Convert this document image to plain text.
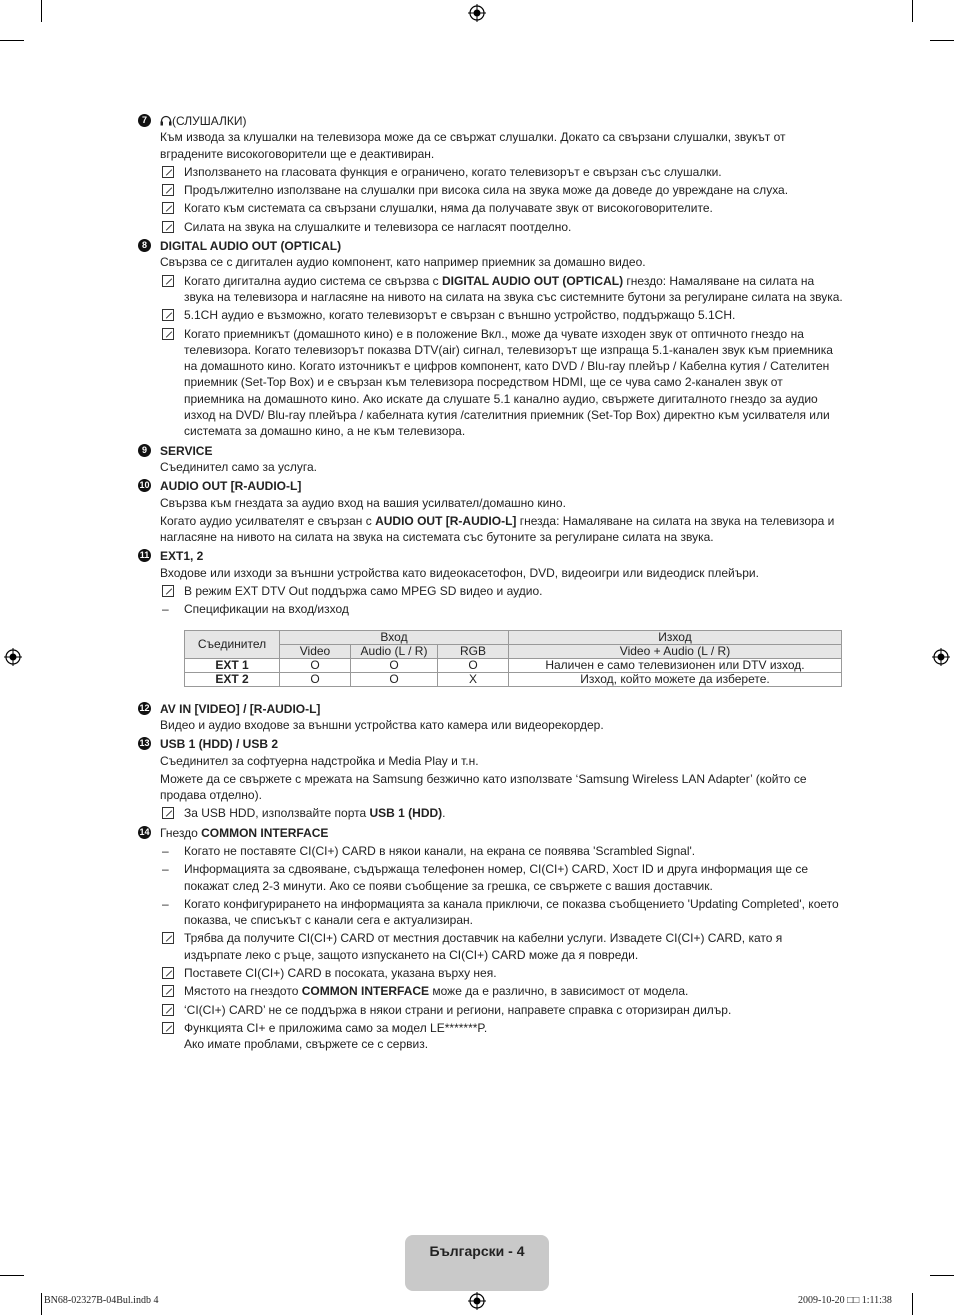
7	(СЛУШАЛКИ)
Към извода за клушалки на телевизора може да се свържат слушалки. Докато са свързани слушалки, звукът от вградените високоговорители ще е деактивиран.
Използването на гласовата функция е ограничено, когато телевизорът е свързан със слушалки.
Продължително използване на слушалки при висока сила на звука може да доведе до увреждане на слуха.
Когато към системата са свързани слушалки, няма да получавате звук от високоговорителите.
Силата на звука на слушалките и телевизора се нагласят поотделно.
8	DIGITAL AUDIO OUT (OPTICAL)
Свързва се с дигитален аудио компонент, като например приемник за домашно видео.
Когато дигитална аудио система се свързва с DIGITAL AUDIO OUT (OPTICAL) гнездо: Намаляване на силата на звука на телевизора и нагласяне на нивото на силата на звука със системните бутони за регулиране силата на звука.
5.1CH аудио е възможно, когато телевизорът е свързан с външно устройство, поддържащо 5.1CH.
Когато приемникът (домашното кино) е в положение Вкл., може да чувате изходен звук от оптичното гнездо на телевизора. Когато телевизорът показва DTV(air) сигнал, телевизорът ще изпраща 5.1-канален звук към приемника на домашното кино. Когато източникът е цифров компонент, като DVD / Blu-ray плейър / Кабелна кутия / Сателитен приемник (Set-Top Box) и е свързан към телевизора посредством HDMI, ще се чува само 2-канален звук от приемника на домашното кино. Ако искате да слушате 5.1 канално аудио, свържете дигиталното гнездо за аудио изход на DVD/ Blu-ray плейъра / кабелната кутия /сателитния приемник (Set-Top Box) директно към усилвателя или системата за домашно кино, а не към телевизора.
9	SERVICE
Съединител само за услуга.
10 AUDIO OUT [R-AUDIO-L]
Свързва към гнездата за аудио вход на вашия усилвател/домашно кино.
Когато аудио усилвателят е свързан с AUDIO OUT [R-AUDIO-L] гнезда: Намаляване на силата на звука на телевизора и нагласяне на нивото на силата на звука на системата със бутоните за регулиране силата на звука.
11 EXT1, 2
Входове или изходи за външни устройства като видеокасетофон, DVD, видеоигри или видеодиск плейъри.
В режим EXT DTV Out поддържа само MPEG SD видео и аудио.
– Спецификации на вход/изход
Съединител	Вход			Изход
	Video	Audio (L / R)	RGB	Video + Audio (L / R)
EXT 1	O	O	O	Наличен е само телевизионен или DTV изход.
EXT 2	O	O	X	Изход, който можете да изберете.
12 AV IN [VIDEO] / [R-AUDIO-L]
Видео и аудио входове за външни устройства като камера или видеорекордер.
13 USB 1 (HDD) / USB 2
Съединител за софтуерна надстройка и Media Play и т.н.
Можете да се свържете с мрежата на Samsung безжично като използвате ‘Samsung Wireless LAN Adapter’ (който се продава отделно).
За USB HDD, използвайте порта USB 1 (HDD).
14 Гнездо COMMON INTERFACE
– Когато не поставяте CI(CI+) CARD в някои канали, на екрана се появява 'Scrambled Signal'.
– Информацията за сдвояване, съдържаща телефонен номер, CI(CI+) CARD, Хост ID и друга информация ще се покажат след 2-3 минути. Ако се появи съобщение за грешка, се свържете с вашия доставчик.
– Когато конфигурирането на информацията за канала приключи, се показва съобщението 'Updating Completed', което показва, че списъкът с канали сега е актуализиран.
Трябва да получите CI(CI+) CARD от местния доставчик на кабелни услуги. Извадете CI(CI+) CARD, като я издърпате леко с ръце, защото изпускането на CI(CI+) CARD може да я повреди.
Поставете CI(CI+) CARD в посоката, указана върху нея.
Мястото на гнездото COMMON INTERFACE може да е различно, в зависимост от модела.
‘CI(CI+) CARD’ не се поддържа в някои страни и региони, направете справка с оторизиран дилър.
Функцията CI+ е приложима само за модел LE*******P.
Ако имате проблами, свържете се с сервиз.
Български - 4
BN68-02327B-04Bul.indb 4	2009-10-20 □□ 1:11:38
